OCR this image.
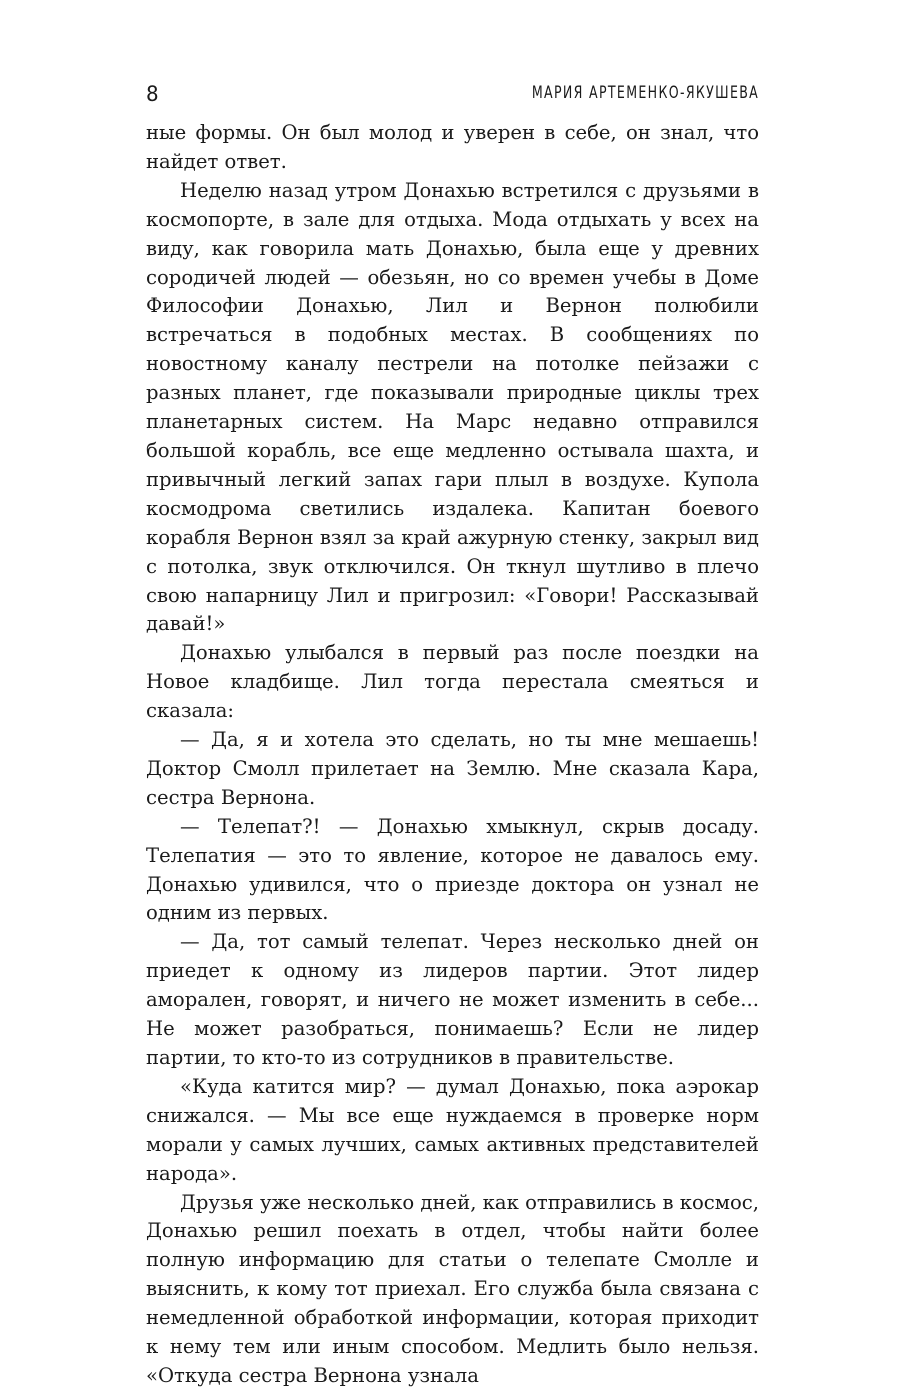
8	МАРИЯ АРТЕМЕНКО-ЯКУШЕВА

ные формы. Он был молод и уверен в себе, он знал, что найдет ответ.

Неделю назад утром Донахью встретился с друзьями в космопорте, в зале для отдыха. Мода отдыхать у всех на виду, как говорила мать Донахью, была еще у древних сородичей людей — обезьян, но со времен учебы в Доме Философии Донахью, Лил и Вернон полюбили встречаться в подобных местах. В сообщениях по новостному каналу пестрели на потолке пейзажи с разных планет, где показывали природные циклы трех планетарных систем. На Марс недавно отправился большой корабль, все еще медленно остывала шахта, и привычный легкий запах гари плыл в воздухе. Купола космодрома светились издалека. Капитан боевого корабля Вернон взял за край ажурную стенку, закрыл вид с потолка, звук отключился. Он ткнул шутливо в плечо свою напарницу Лил и пригрозил: «Говори! Рассказывай давай!»

Донахью улыбался в первый раз после поездки на Новое кладбище. Лил тогда перестала смеяться и сказала:

— Да, я и хотела это сделать, но ты мне мешаешь! Доктор Смолл прилетает на Землю. Мне сказала Кара, сестра Вернона.

— Телепат?! — Донахью хмыкнул, скрыв досаду. Телепатия — это то явление, которое не давалось ему. Донахью удивился, что о приезде доктора он узнал не одним из первых.

— Да, тот самый телепат. Через несколько дней он приедет к одному из лидеров партии. Этот лидер аморален, говорят, и ничего не может изменить в себе... Не может разобраться, понимаешь? Если не лидер партии, то кто-то из сотрудников в правительстве.

«Куда катится мир? — думал Донахью, пока аэрокар снижался. — Мы все еще нуждаемся в проверке норм морали у самых лучших, самых активных представителей народа».

Друзья уже несколько дней, как отправились в космос, Донахью решил поехать в отдел, чтобы найти более полную информацию для статьи о телепате Смолле и выяснить, к кому тот приехал. Его служба была связана с немедленной обработкой информации, которая приходит к нему тем или иным способом. Медлить было нельзя. «Откуда сестра Вернона узнала
